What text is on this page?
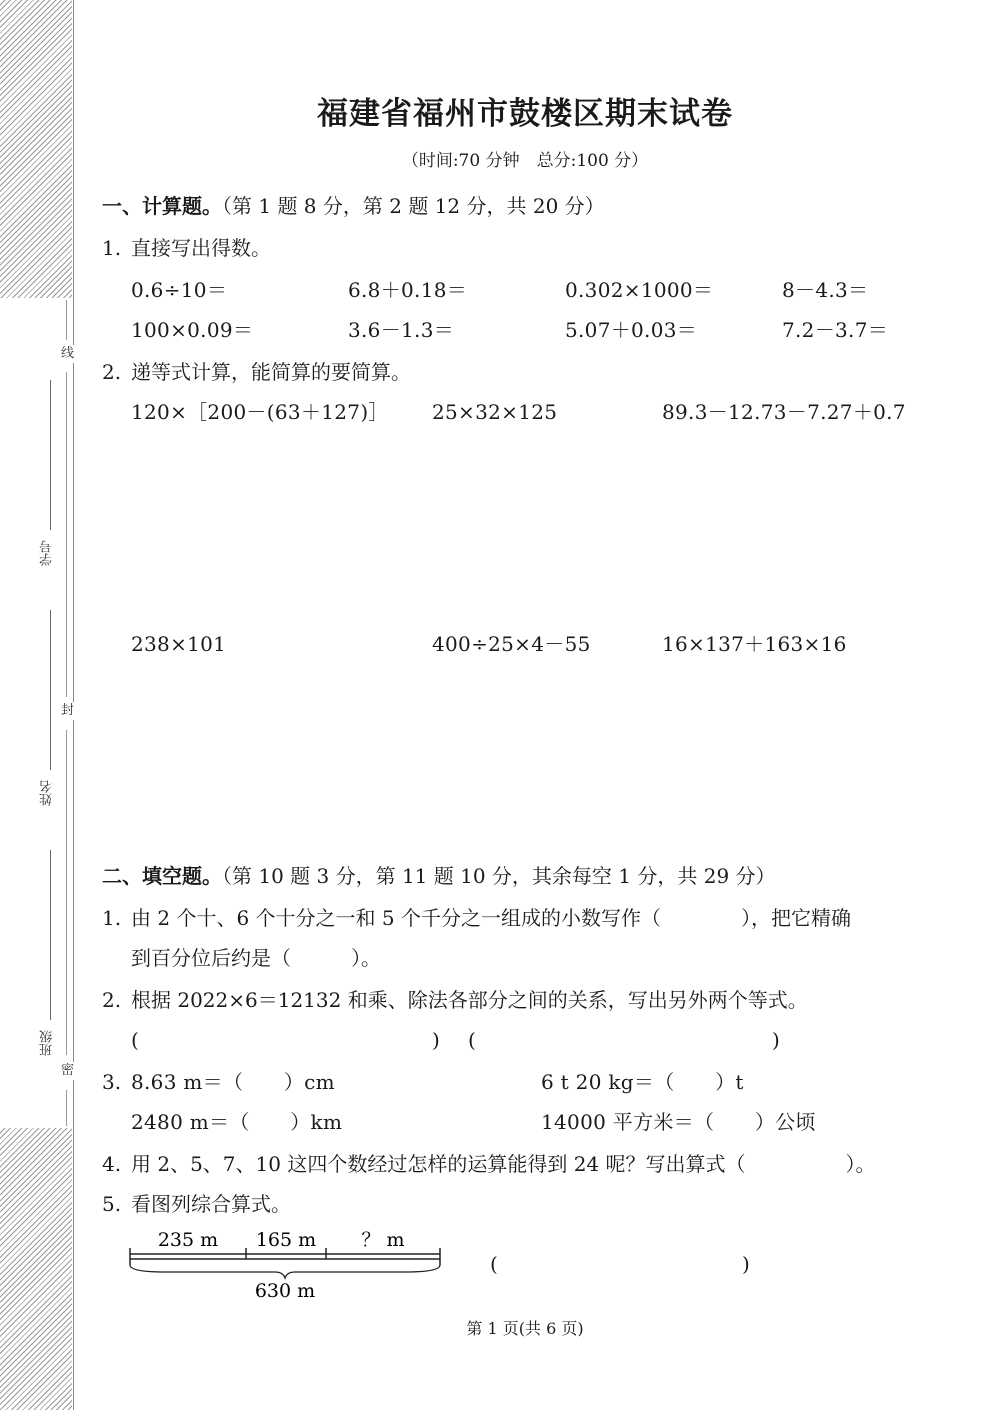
线
封
密
学号
姓名
班级
福建省福州市鼓楼区期末试卷
（时间:70 分钟　总分:100 分）
一、计算题。（第 1 题 8 分，第 2 题 12 分，共 20 分）
1. 直接写出得数。
0.6÷10＝	6.8＋0.18＝	0.302×1000＝	8－4.3＝
100×0.09＝	3.6－1.3＝	5.07＋0.03＝	7.2－3.7＝
2. 递等式计算，能简算的要简算。
120×［200－(63＋127)］ 25×32×125	89.3－12.73－7.27＋0.7
238×101	400÷25×4－55	16×137＋163×16
二、填空题。（第 10 题 3 分，第 11 题 10 分，其余每空 1 分，共 29 分）
1. 由 2 个十、6 个十分之一和 5 个千分之一组成的小数写作（　　　　），把它精确
到百分位后约是（　　　）。
2. 根据 2022×6＝12132 和乘、除法各部分之间的关系，写出另外两个等式。
(	) (	)
3. 8.63 m＝（　　）cm	6 t 20 kg＝（　　）t
2480 m＝（　　）km	14000 平方米＝（　　）公顷
4. 用 2、5、7、10 这四个数经过怎样的运算能得到 24 呢？写出算式（　　　　　）。
5. 看图列综合算式。
235 m 165 m ？ m
630 m
(	)
第 1 页(共 6 页)
